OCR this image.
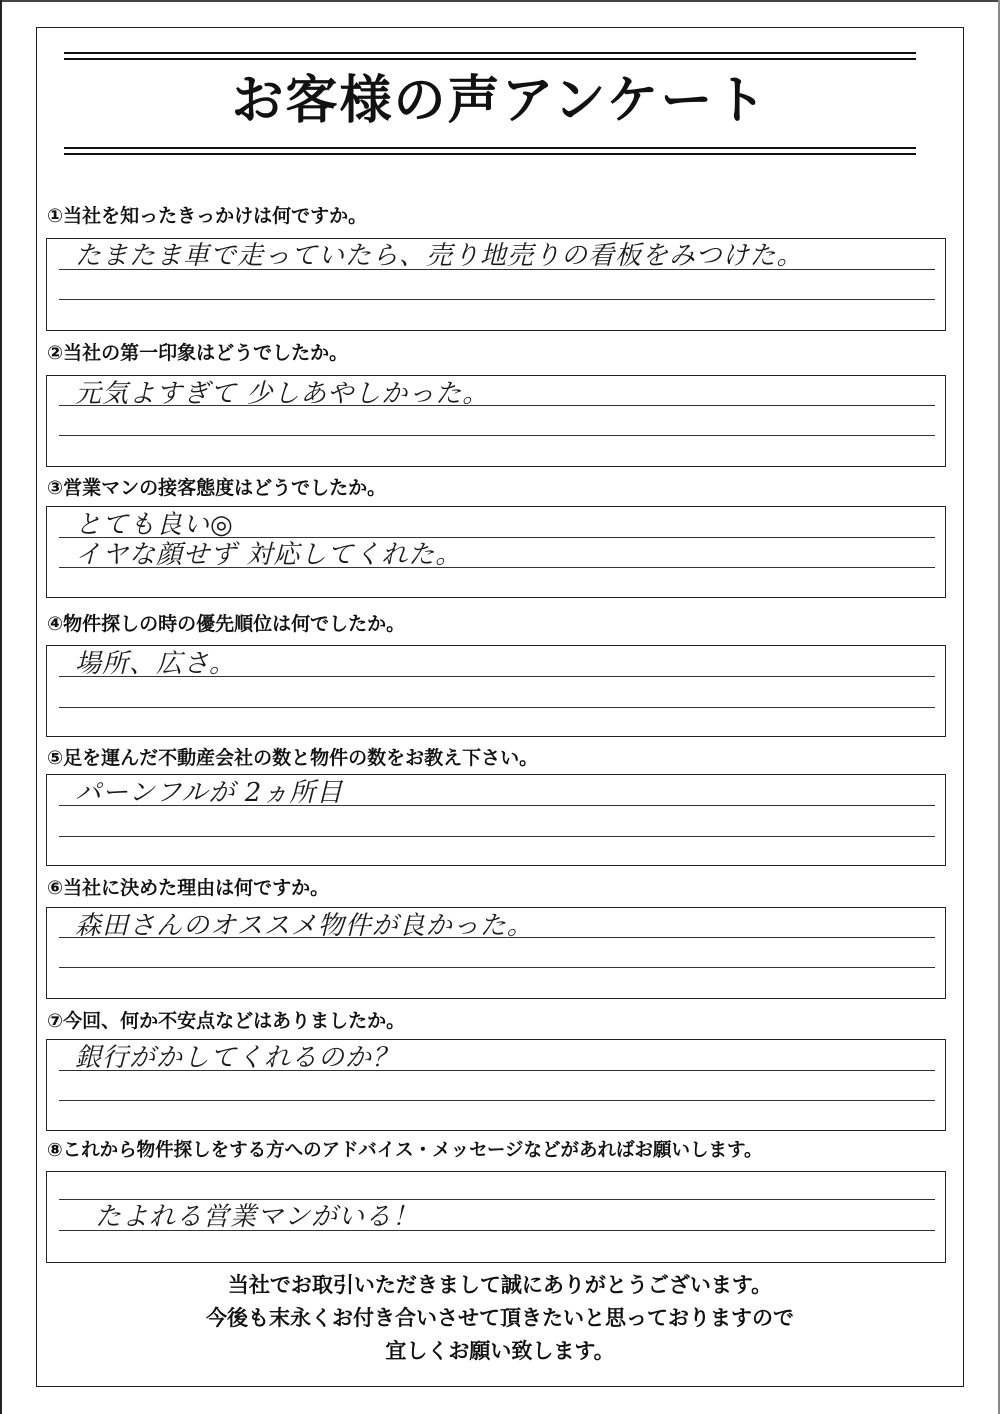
お客様の声アンケート
①当社を知ったきっかけは何ですか。
たまたま車で走っていたら、売り地売りの看板をみつけた。
②当社の第一印象はどうでしたか。
元気よすぎて 少しあやしかった。
③営業マンの接客態度はどうでしたか。
とても良い◎
イヤな顔せず 対応してくれた。
④物件探しの時の優先順位は何でしたか。
場所、広さ。
⑤足を運んだ不動産会社の数と物件の数をお教え下さい。
パーンフルが 2ヵ所目
⑥当社に決めた理由は何ですか。
森田さんのオススメ物件が良かった。
⑦今回、何か不安点などはありましたか。
銀行がかしてくれるのか？
⑧これから物件探しをする方へのアドバイス・メッセージなどがあればお願いします。
たよれる営業マンがいる！
当社でお取引いただきまして誠にありがとうございます。
今後も末永くお付き合いさせて頂きたいと思っておりますので
宜しくお願い致します。
